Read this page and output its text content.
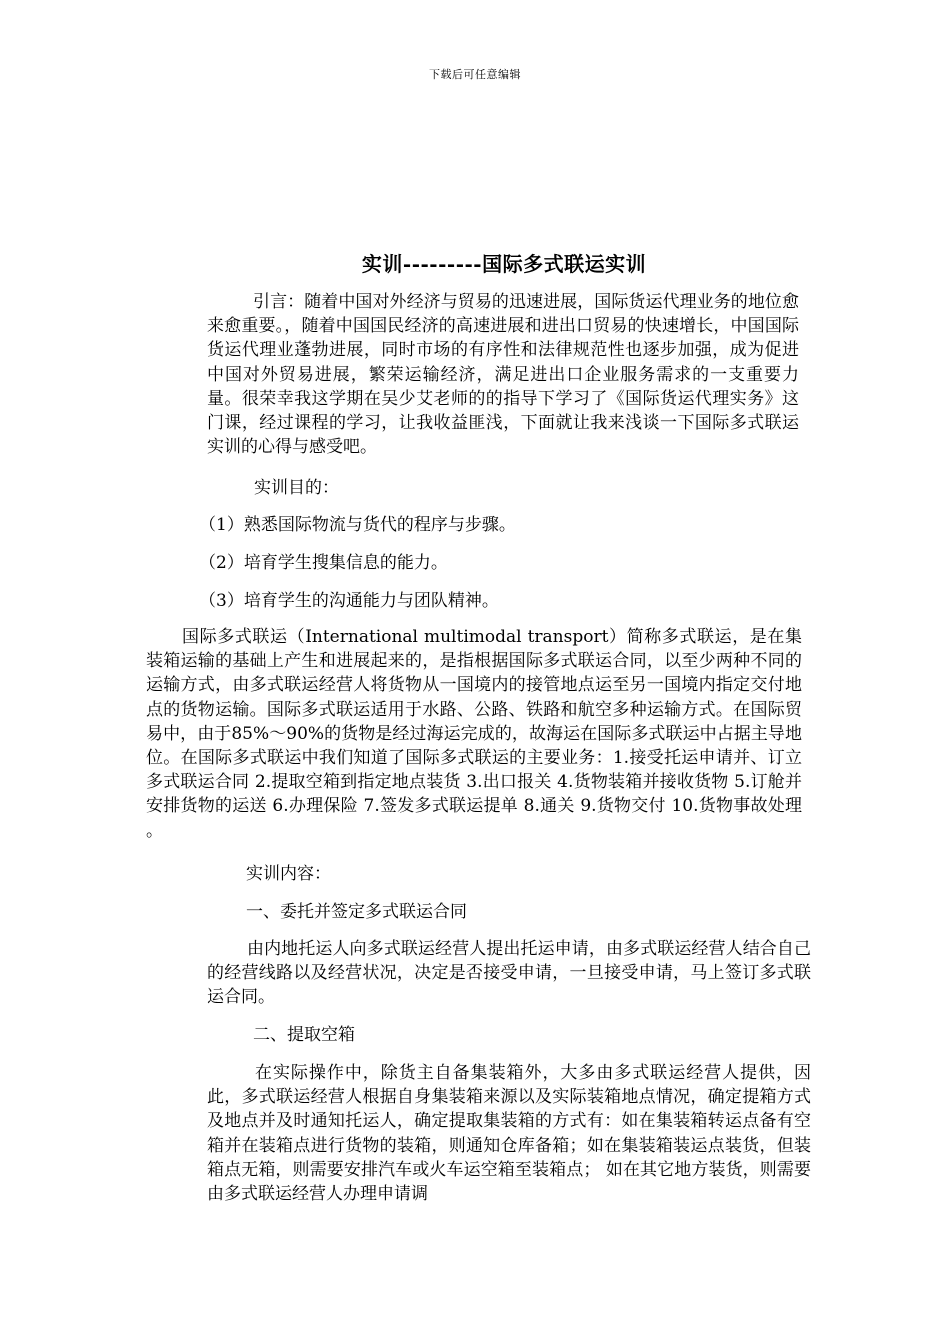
下载后可任意编辑
实训---------国际多式联运实训

引言：随着中国对外经济与贸易的迅速进展，国际货运代理业务的地位愈来愈重要。，随着中国国民经济的高速进展和进出口贸易的快速增长，中国国际货运代理业蓬勃进展，同时市场的有序性和法律规范性也逐步加强，成为促进中国对外贸易进展，繁荣运输经济，满足进出口企业服务需求的一支重要力量。很荣幸我这学期在吴少艾老师的的指导下学习了《国际货运代理实务》这门课，经过课程的学习，让我收益匪浅，下面就让我来浅谈一下国际多式联运实训的心得与感受吧。

实训目的：
（1）熟悉国际物流与货代的程序与步骤。
（2）培育学生搜集信息的能力。
（3）培育学生的沟通能力与团队精神。

国际多式联运（International multimodal transport）简称多式联运，是在集装箱运输的基础上产生和进展起来的，是指根据国际多式联运合同，以至少两种不同的运输方式，由多式联运经营人将货物从一国境内的接管地点运至另一国境内指定交付地点的货物运输。国际多式联运适用于水路、公路、铁路和航空多种运输方式。在国际贸易中，由于85%～90%的货物是经过海运完成的，故海运在国际多式联运中占据主导地位。在国际多式联运中我们知道了国际多式联运的主要业务：1.接受托运申请并、订立多式联运合同 2.提取空箱到指定地点装货 3.出口报关 4.货物装箱并接收货物 5.订舱并安排货物的运送 6.办理保险 7.签发多式联运提单 8.通关 9.货物交付 10.货物事故处理 。

实训内容：
一、委托并签定多式联运合同

由内地托运人向多式联运经营人提出托运申请，由多式联运经营人结合自己的经营线路以及经营状况，决定是否接受申请，一旦接受申请，马上签订多式联运合同。

二、提取空箱

在实际操作中，除货主自备集装箱外，大多由多式联运经营人提供，因此，多式联运经营人根据自身集装箱来源以及实际装箱地点情况，确定提箱方式及地点并及时通知托运人，确定提取集装箱的方式有：如在集装箱转运点备有空箱并在装箱点进行货物的装箱，则通知仓库备箱；如在集装箱装运点装货，但装箱点无箱，则需要安排汽车或火车运空箱至装箱点； 如在其它地方装货，则需要由多式联运经营人办理申请调
